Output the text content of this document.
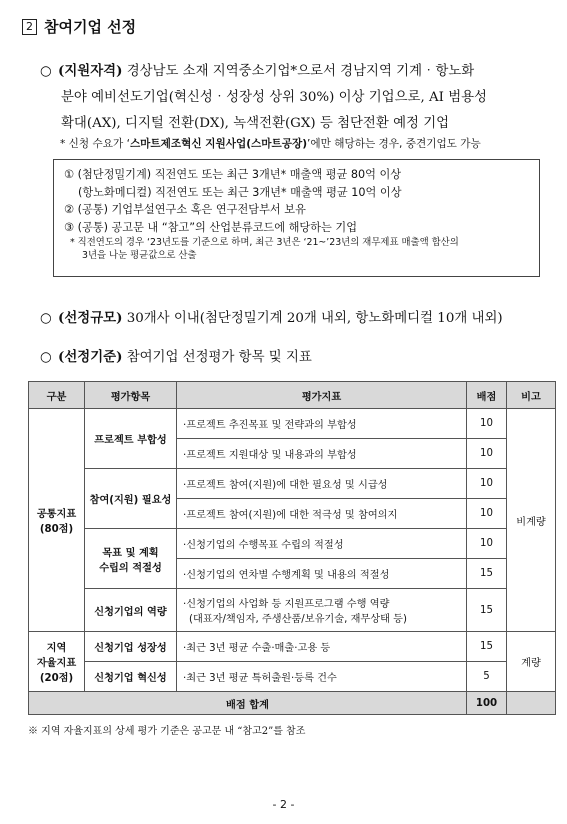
2 참여기업 선정
○ (지원자격) 경상남도 소재 지역중소기업*으로서 경남지역 기계‧항노화
분야 예비선도기업(혁신성‧성장성 상위 30%) 이상 기업으로, AI 범용성
확대(AX), 디지털 전환(DX), 녹색전환(GX) 등 첨단전환 예정 기업
* 신청 수요가 ‘스마트제조혁신 지원사업(스마트공장)’에만 해당하는 경우, 중견기업도 가능
① (첨단정밀기계) 직전연도 또는 최근 3개년* 매출액 평균 80억 이상
(항노화메디컬) 직전연도 또는 최근 3개년* 매출액 평균 10억 이상
② (공통) 기업부설연구소 혹은 연구전담부서 보유
③ (공통) 공고문 내 “참고”의 산업분류코드에 해당하는 기업
* 직전연도의 경우 ‘23년도를 기준으로 하며, 최근 3년은 ‘21~’23년의 재무제표 매출액 합산의
3년을 나눈 평균값으로 산출
○ (선정규모) 30개사 이내(첨단정밀기계 20개 내외, 항노화메디컬 10개 내외)
○ (선정기준) 참여기업 선정평가 항목 및 지표
구분	평가항목	평가지표	배점	비고
공통지표
(80점)	프로젝트 부합성	‧프로젝트 추진목표 및 전략과의 부합성	10	비계량
		‧프로젝트 지원대상 및 내용과의 부합성	10	
	참여(지원) 필요성	‧프로젝트 참여(지원)에 대한 필요성 및 시급성	10	
		‧프로젝트 참여(지원)에 대한 적극성 및 참여의지	10	
	목표 및 계획
수립의 적절성	‧신청기업의 수행목표 수립의 적절성	10	
		‧신청기업의 연차별 수행계획 및 내용의 적절성	15	
	신청기업의 역량	‧신청기업의 사업화 등 지원프로그램 수행 역량
(대표자/책임자, 주생산품/보유기술, 재무상태 등)	15	
지역
자율지표
(20점)	신청기업 성장성	‧최근 3년 평균 수출‧매출‧고용 등	15	계량
	신청기업 혁신성	‧최근 3년 평균 특허출원‧등록 건수	5	
배점 합계			100	
※ 지역 자율지표의 상세 평가 기준은 공고문 내 “참고2”를 참조
- 2 -
